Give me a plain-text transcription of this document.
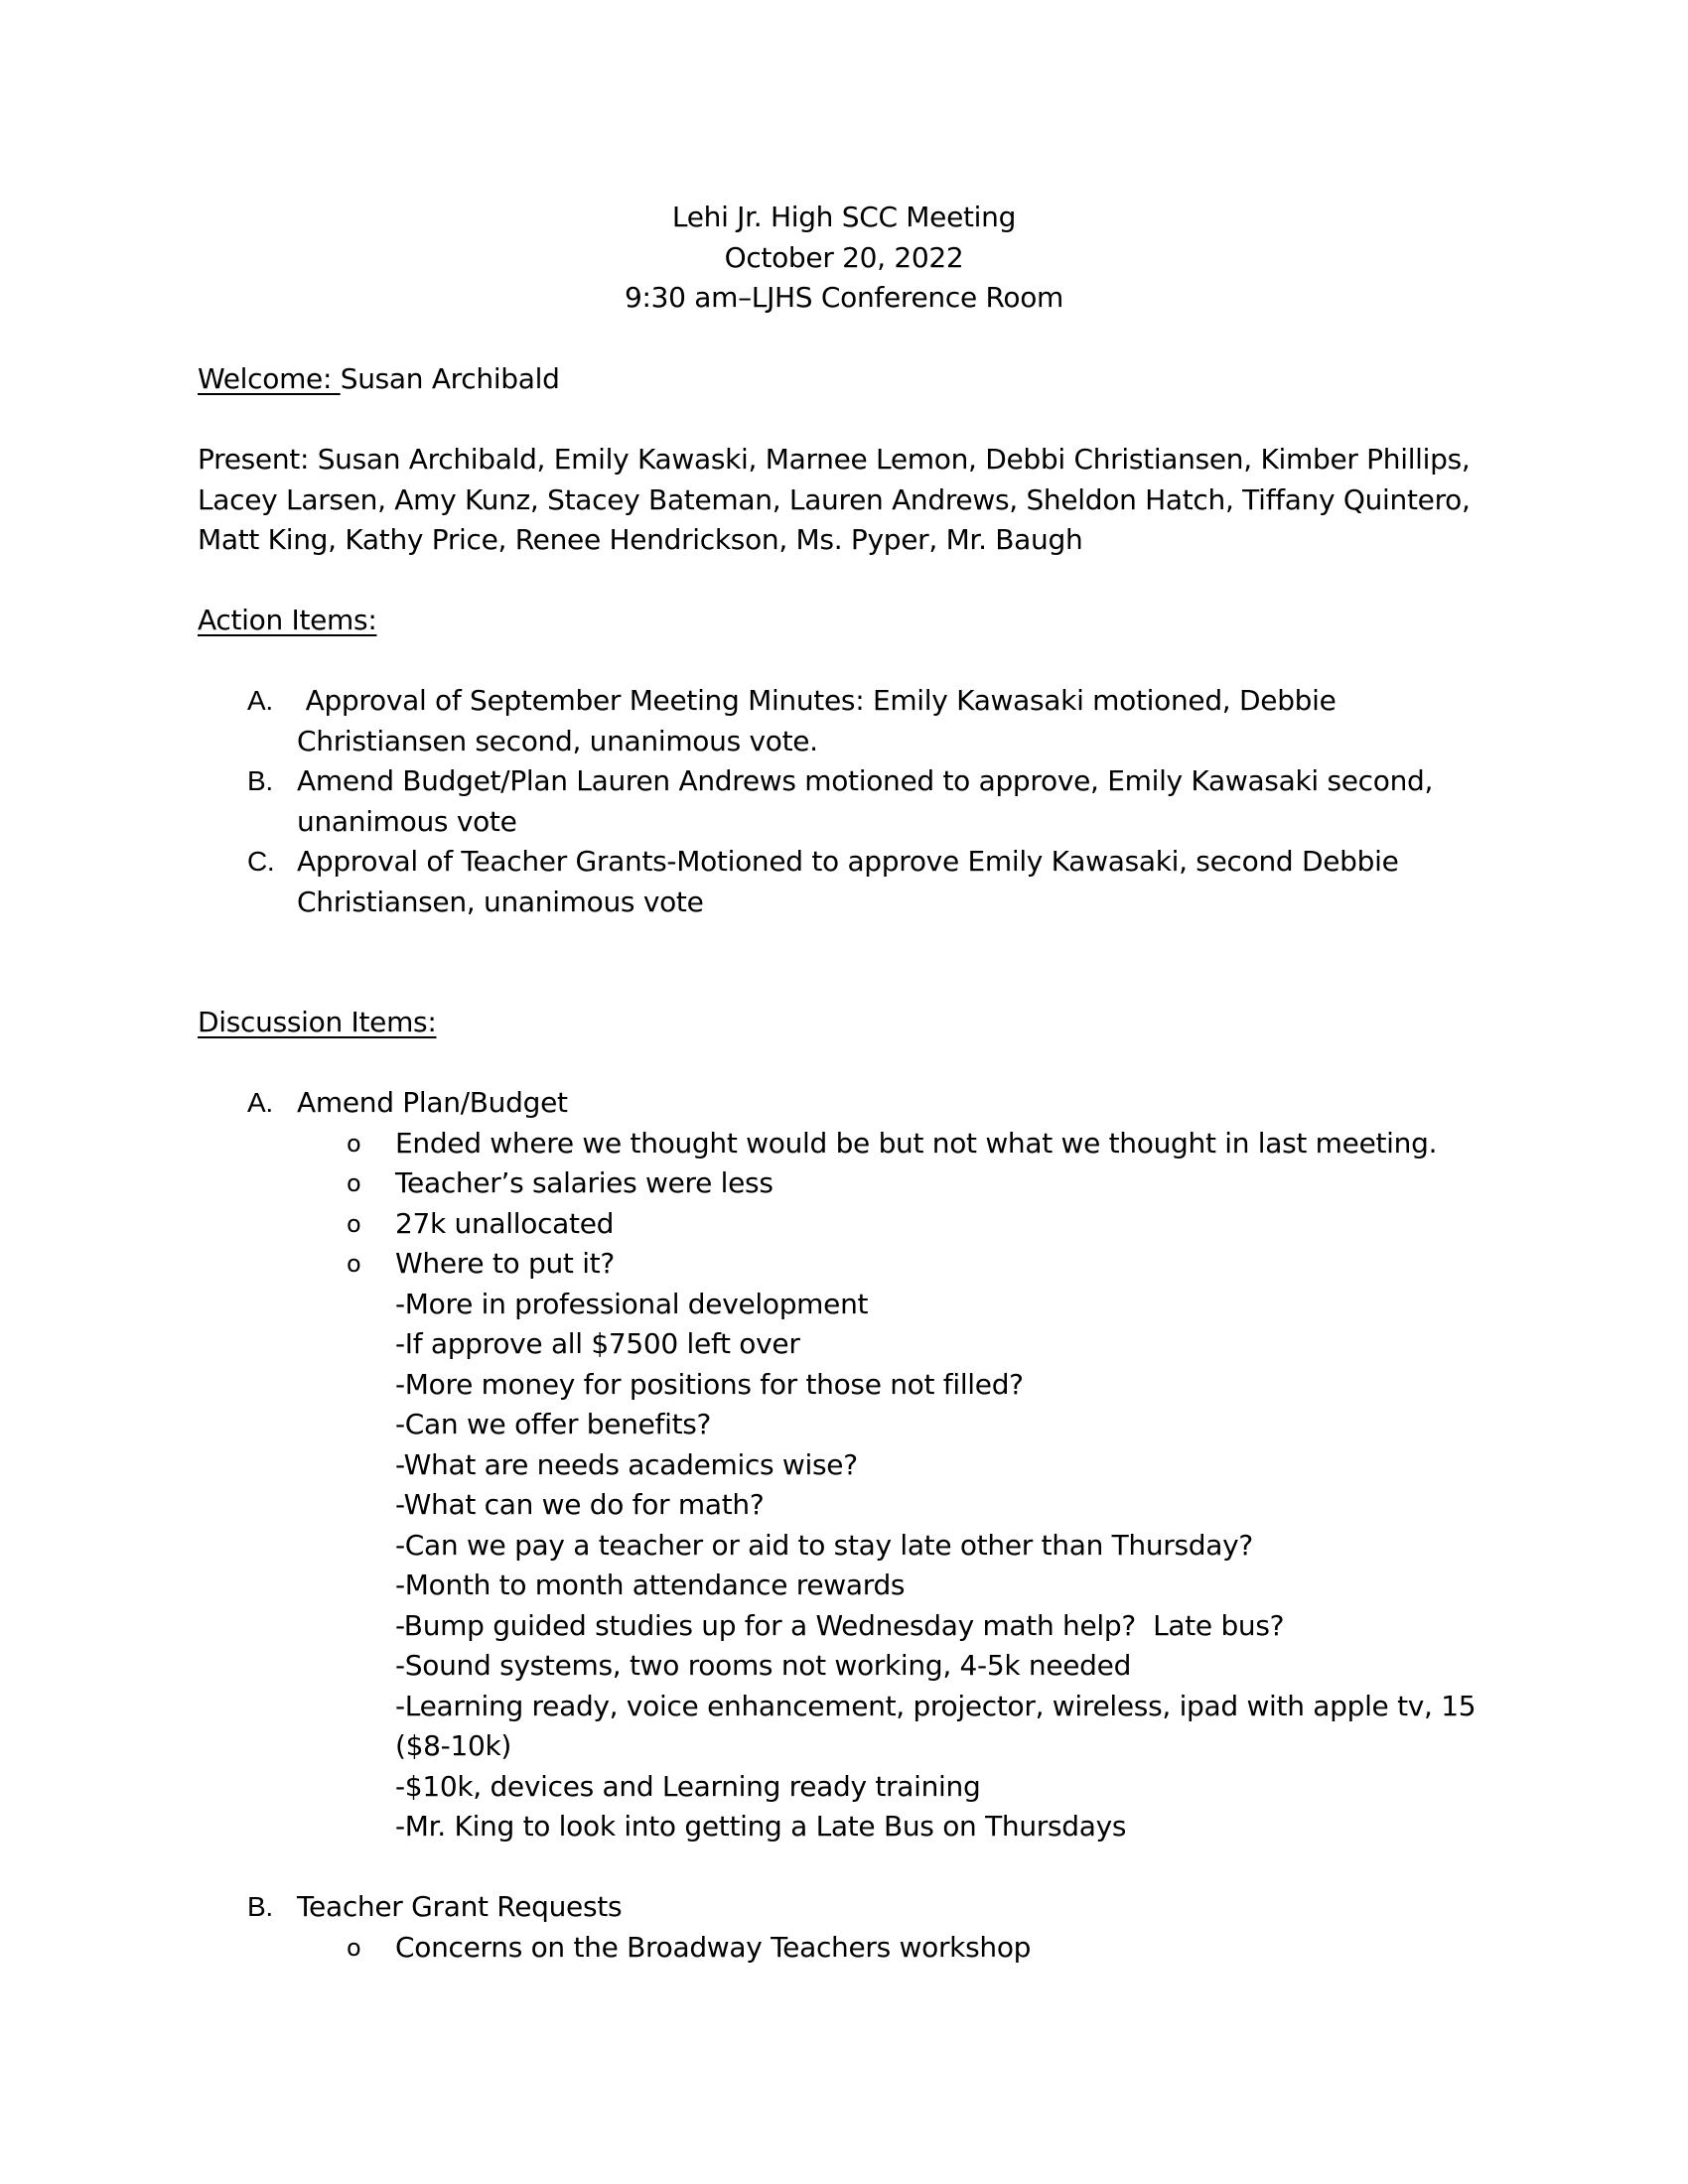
Lehi Jr. High SCC Meeting
October 20, 2022
9:30 am–LJHS Conference Room
Welcome: Susan Archibald
Present: Susan Archibald, Emily Kawaski, Marnee Lemon, Debbi Christiansen, Kimber Phillips,
Lacey Larsen, Amy Kunz, Stacey Bateman, Lauren Andrews, Sheldon Hatch, Tiffany Quintero,
Matt King, Kathy Price, Renee Hendrickson, Ms. Pyper, Mr. Baugh
Action Items:
A. Approval of September Meeting Minutes: Emily Kawasaki motioned, Debbie
Christiansen second, unanimous vote.
B. Amend Budget/Plan Lauren Andrews motioned to approve, Emily Kawasaki second,
unanimous vote
C. Approval of Teacher Grants-Motioned to approve Emily Kawasaki, second Debbie
Christiansen, unanimous vote
Discussion Items:
A. Amend Plan/Budget
o Ended where we thought would be but not what we thought in last meeting.
o Teacher’s salaries were less
o 27k unallocated
o Where to put it?
-More in professional development
-If approve all $7500 left over
-More money for positions for those not filled?
-Can we offer benefits?
-What are needs academics wise?
-What can we do for math?
-Can we pay a teacher or aid to stay late other than Thursday?
-Month to month attendance rewards
-Bump guided studies up for a Wednesday math help?  Late bus?
-Sound systems, two rooms not working, 4-5k needed
-Learning ready, voice enhancement, projector, wireless, ipad with apple tv, 15
($8-10k)
-$10k, devices and Learning ready training
-Mr. King to look into getting a Late Bus on Thursdays
B. Teacher Grant Requests
o Concerns on the Broadway Teachers workshop
